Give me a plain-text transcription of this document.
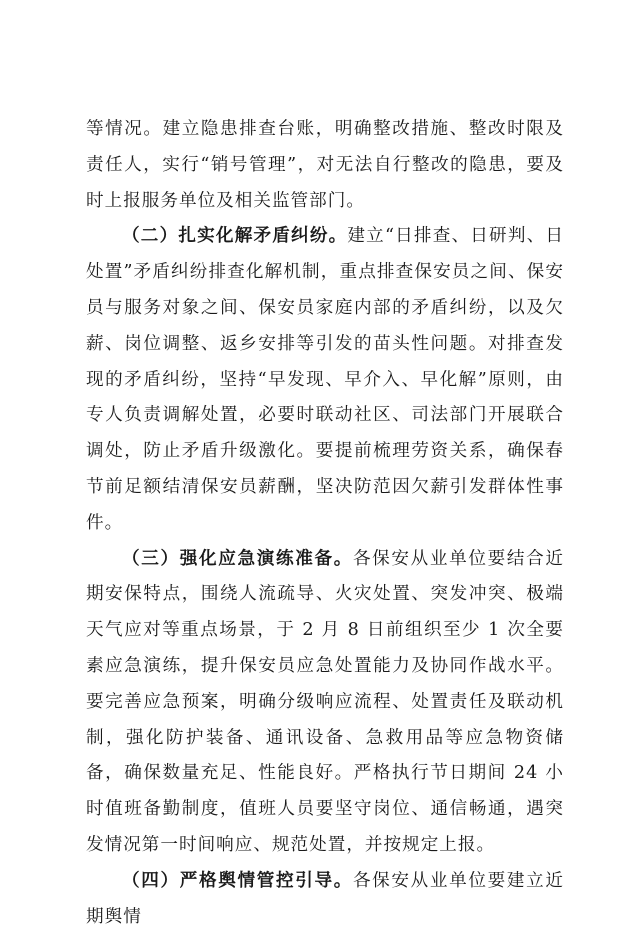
等情况。建立隐患排查台账，明确整改措施、整改时限及责任人，实行“销号管理”，对无法自行整改的隐患，要及时上报服务单位及相关监管部门。

（二）扎实化解矛盾纠纷。建立“日排查、日研判、日处置”矛盾纠纷排查化解机制，重点排查保安员之间、保安员与服务对象之间、保安员家庭内部的矛盾纠纷，以及欠薪、岗位调整、返乡安排等引发的苗头性问题。对排查发现的矛盾纠纷，坚持“早发现、早介入、早化解”原则，由专人负责调解处置，必要时联动社区、司法部门开展联合调处，防止矛盾升级激化。要提前梳理劳资关系，确保春节前足额结清保安员薪酬，坚决防范因欠薪引发群体性事件。

（三）强化应急演练准备。各保安从业单位要结合近期安保特点，围绕人流疏导、火灾处置、突发冲突、极端天气应对等重点场景，于 2 月 8 日前组织至少 1 次全要素应急演练，提升保安员应急处置能力及协同作战水平。要完善应急预案，明确分级响应流程、处置责任及联动机制，强化防护装备、通讯设备、急救用品等应急物资储备，确保数量充足、性能良好。严格执行节日期间 24 小时值班备勤制度，值班人员要坚守岗位、通信畅通，遇突发情况第一时间响应、规范处置，并按规定上报。

（四）严格舆情管控引导。各保安从业单位要建立近期舆情
